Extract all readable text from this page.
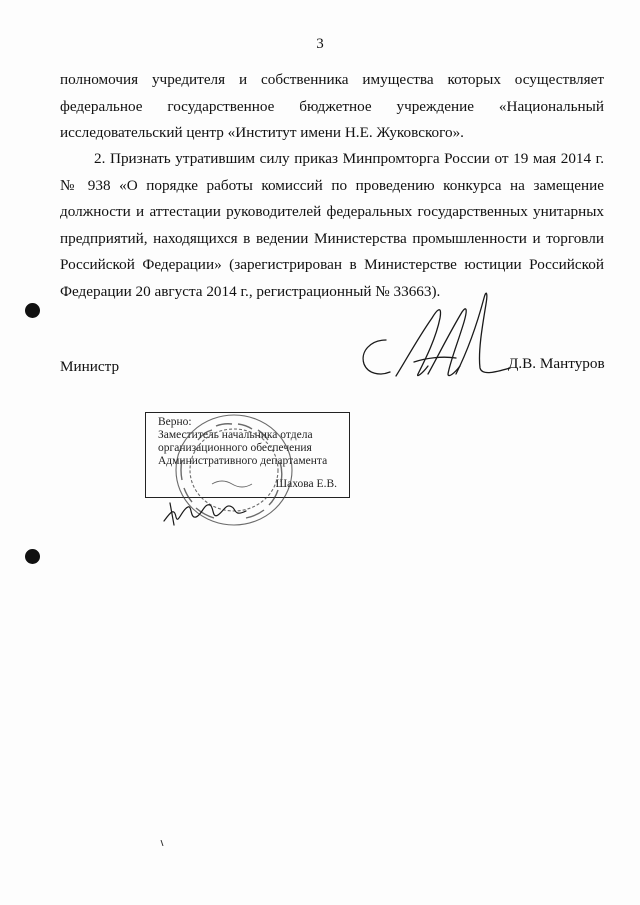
3
полномочия учредителя и собственника имущества которых осуществляет
федеральное государственное бюджетное учреждение «Национальный
исследовательский центр «Институт имени Н.Е. Жуковского».
2. Признать утратившим силу приказ Минпромторга России от 19 мая 2014 г.
№ 938 «О порядке работы комиссий по проведению конкурса на замещение
должности и аттестации руководителей федеральных государственных унитарных
предприятий, находящихся в ведении Министерства промышленности и торговли
Российской Федерации» (зарегистрирован в Министерстве юстиции Российской
Федерации 20 августа 2014 г., регистрационный № 33663).
Министр	Д.В. Мантуров
Верно:
Заместитель начальника отдела
организационного обеспечения
Административного департамента
Шахова Е.В.
